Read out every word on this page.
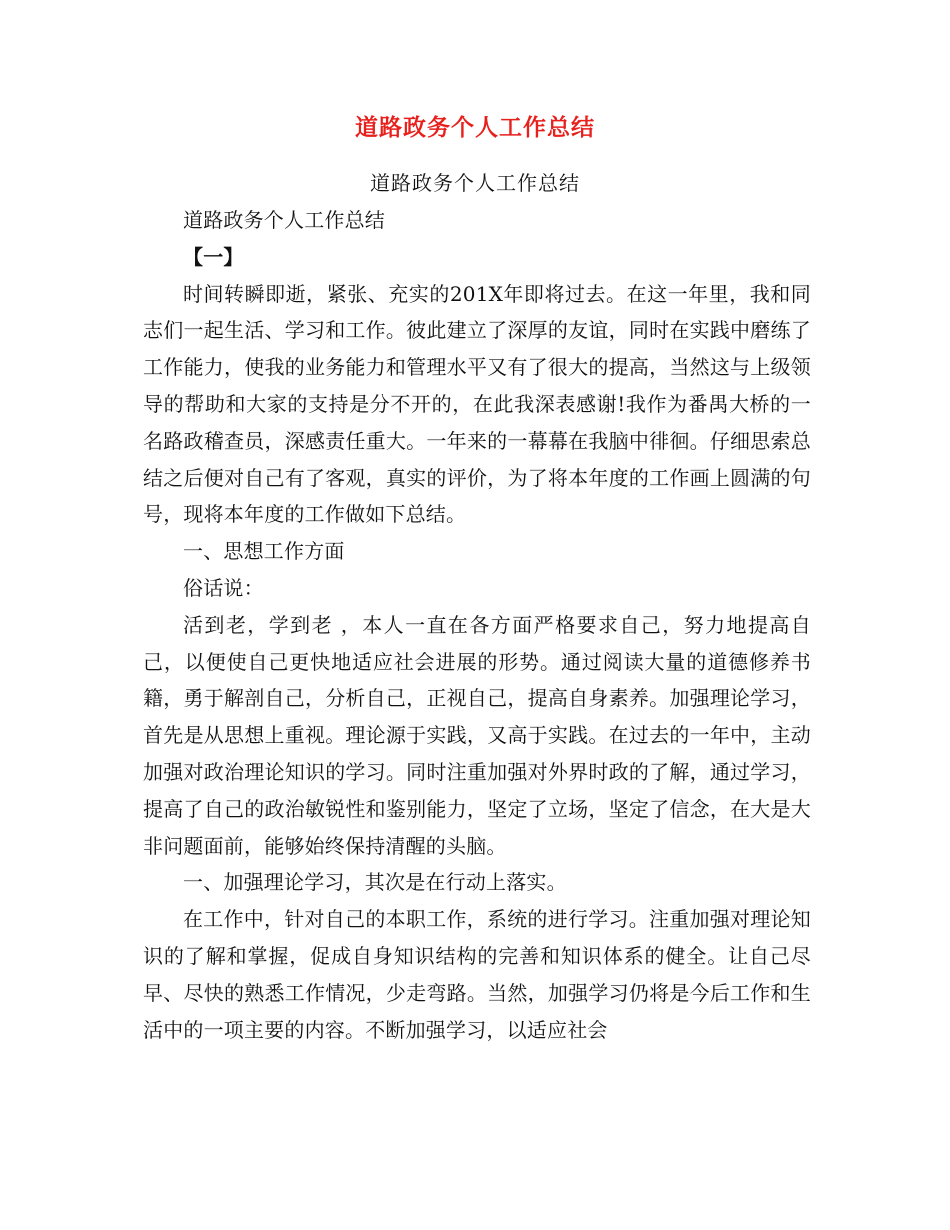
道路政务个人工作总结
道路政务个人工作总结

道路政务个人工作总结

【一】

时间转瞬即逝，紧张、充实的201X年即将过去。在这一年里，我和同志们一起生活、学习和工作。彼此建立了深厚的友谊，同时在实践中磨练了工作能力，使我的业务能力和管理水平又有了很大的提高，当然这与上级领导的帮助和大家的支持是分不开的，在此我深表感谢!我作为番禺大桥的一名路政稽查员，深感责任重大。一年来的一幕幕在我脑中徘徊。仔细思索总结之后便对自己有了客观，真实的评价，为了将本年度的工作画上圆满的句号，现将本年度的工作做如下总结。

一、思想工作方面

俗话说：

活到老，学到老 ，本人一直在各方面严格要求自己，努力地提高自己，以便使自己更快地适应社会进展的形势。通过阅读大量的道德修养书籍，勇于解剖自己，分析自己，正视自己，提高自身素养。加强理论学习，首先是从思想上重视。理论源于实践，又高于实践。在过去的一年中，主动加强对政治理论知识的学习。同时注重加强对外界时政的了解，通过学习，提高了自己的政治敏锐性和鉴别能力，坚定了立场，坚定了信念，在大是大非问题面前，能够始终保持清醒的头脑。

一、加强理论学习，其次是在行动上落实。

在工作中，针对自己的本职工作，系统的进行学习。注重加强对理论知识的了解和掌握，促成自身知识结构的完善和知识体系的健全。让自己尽早、尽快的熟悉工作情况，少走弯路。当然，加强学习仍将是今后工作和生活中的一项主要的内容。不断加强学习，以适应社会
